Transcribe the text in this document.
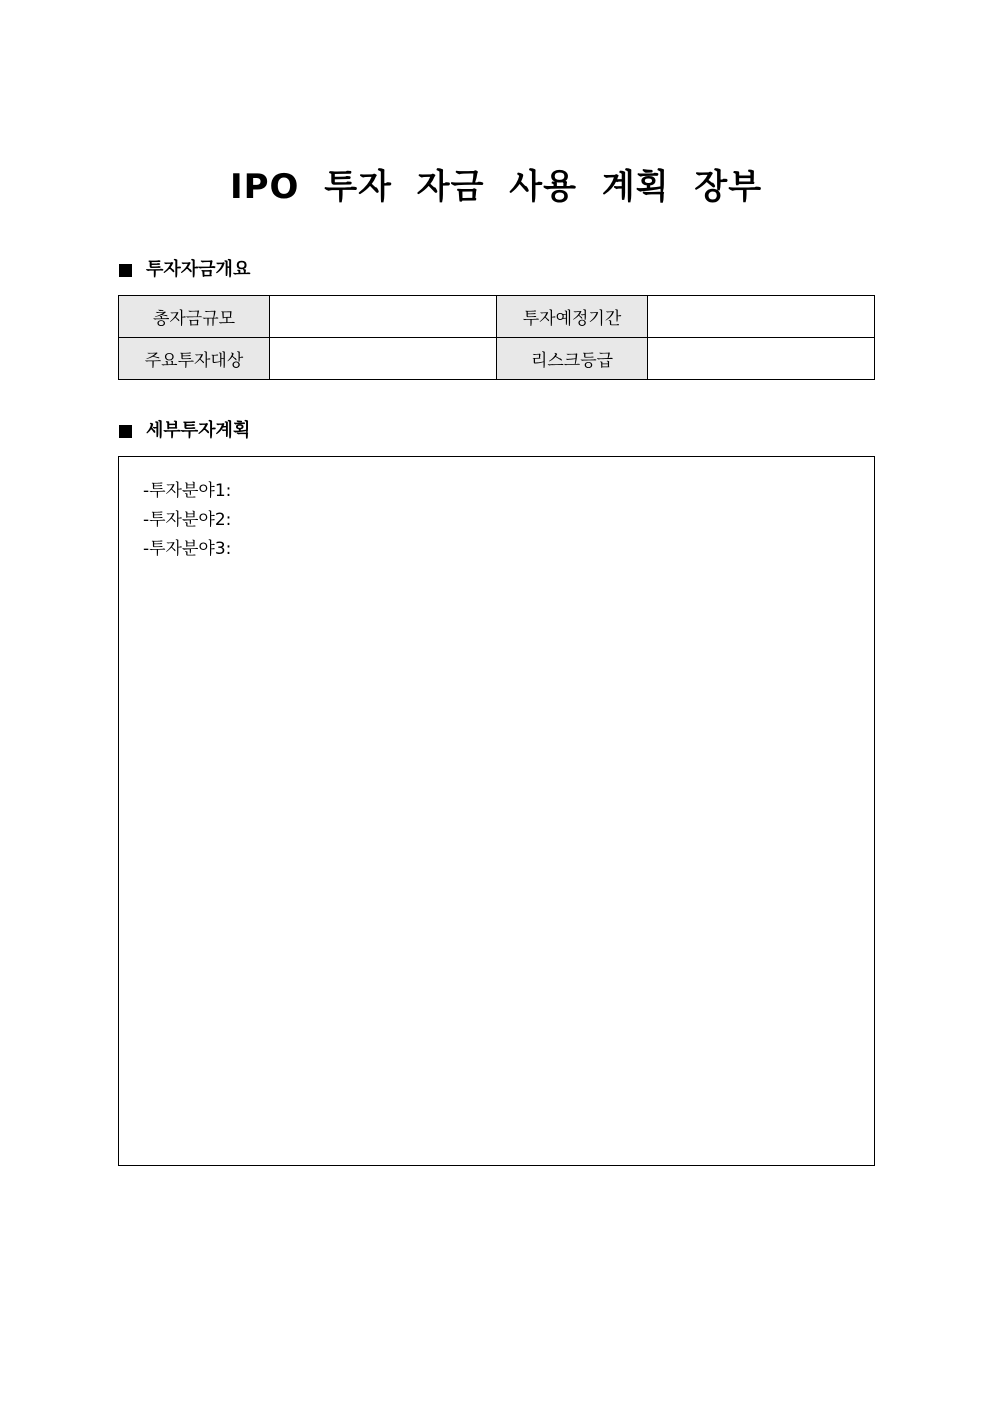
IPO 투자 자금 사용 계획 장부
투자자금개요
총자금규모		투자예정기간	
주요투자대상		리스크등급	
세부투자계획
-투자분야1:
-투자분야2:
-투자분야3:
